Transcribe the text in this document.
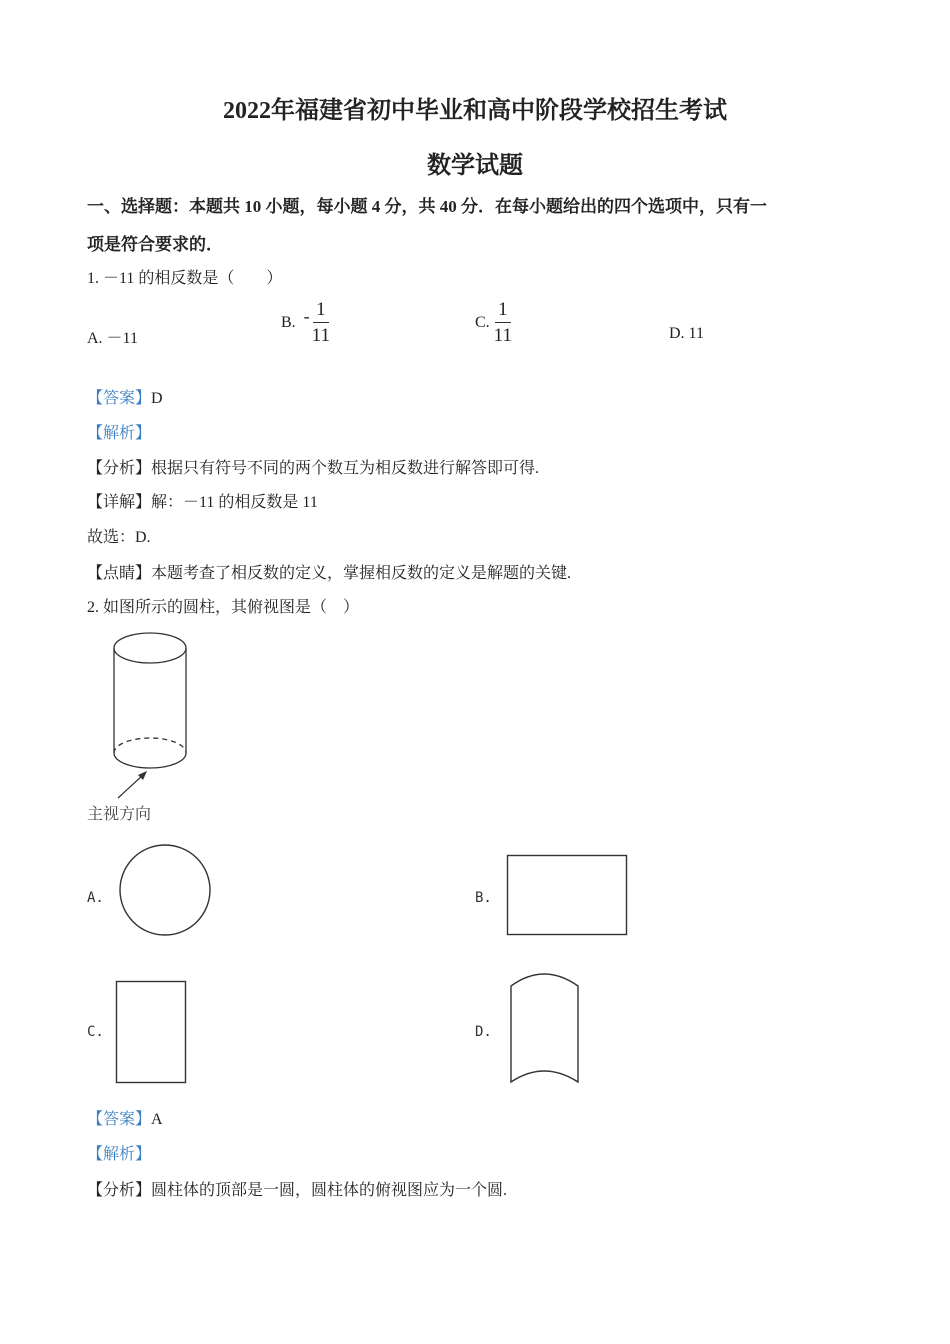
2022年福建省初中毕业和高中阶段学校招生考试
数学试题
一、选择题：本题共 10 小题，每小题 4 分，共 40 分．在每小题给出的四个选项中，只有一
项是符合要求的．
1. －11 的相反数是（　　）
A. －11
B. - $\frac{1}{11}$	C. $\frac{1}{11}$	D. 11
【答案】D
【解析】
【分析】根据只有符号不同的两个数互为相反数进行解答即可得.
【详解】解：－11 的相反数是 11
故选：D.
【点睛】本题考查了相反数的定义，掌握相反数的定义是解题的关键.
2. 如图所示的圆柱，其俯视图是（　）
主视方向
A.	B.
C.	D.
【答案】A
【解析】
【分析】圆柱体的顶部是一圆，圆柱体的俯视图应为一个圆.
